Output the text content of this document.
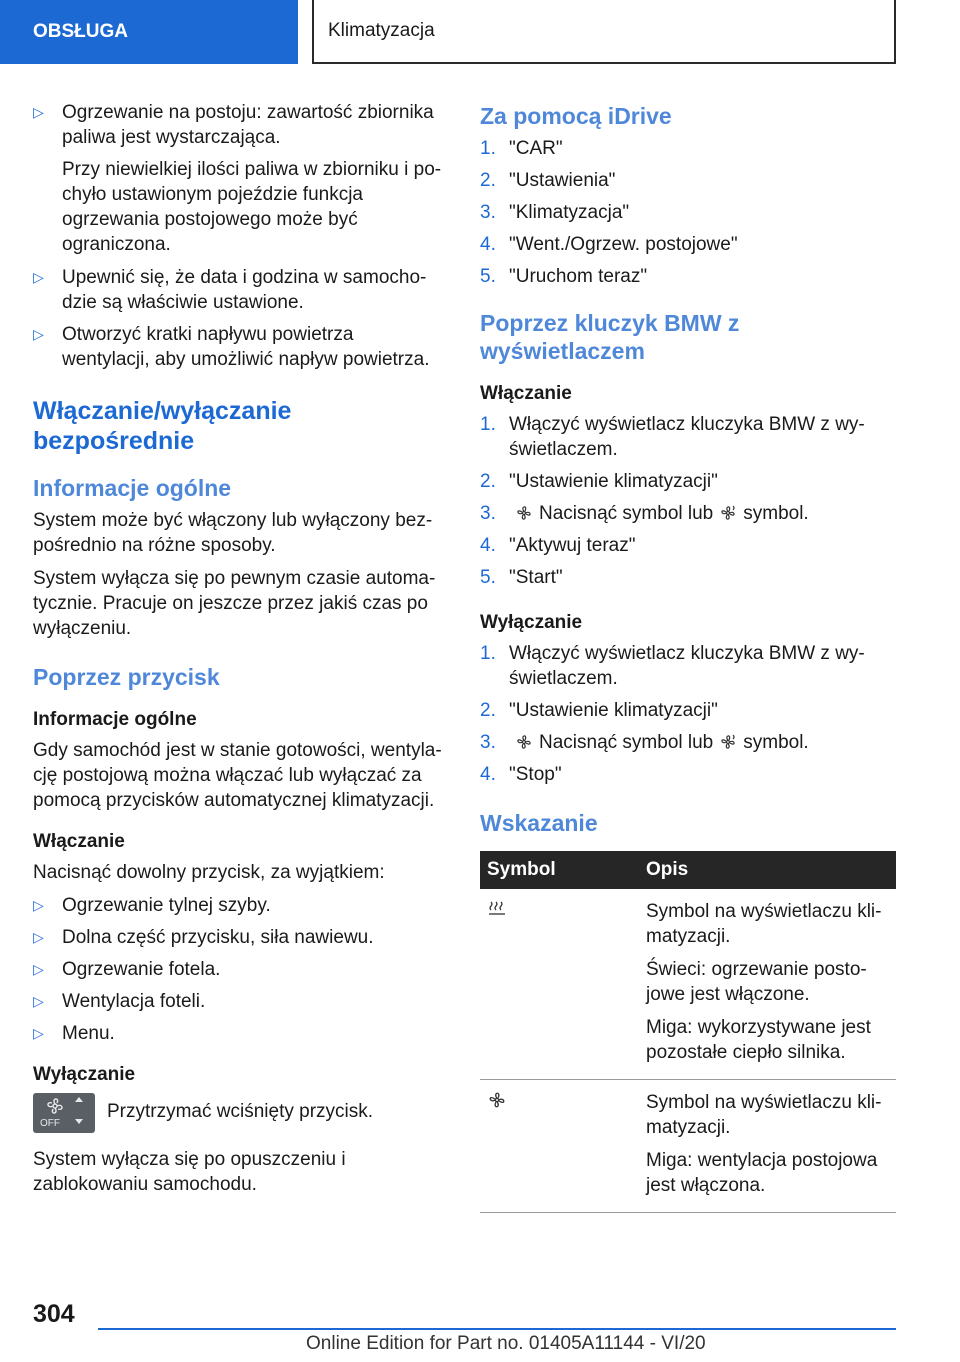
OBSŁUGA	Klimatyzacja
▷ Ogrzewanie na postoju: zawartość zbiornika paliwa jest wystarczająca.

Przy niewielkiej ilości paliwa w zbiorniku i pochyło ustawionym pojeździe funkcja ogrzewania postojowego może być ograniczona.

▷ Upewnić się, że data i godzina w samochodzie są właściwie ustawione.
▷ Otworzyć kratki napływu powietrza wentylacji, aby umożliwić napływ powietrza.
Włączanie/wyłączanie bezpośrednie
Informacje ogólne

System może być włączony lub wyłączony bezpośrednio na różne sposoby.

System wyłącza się po pewnym czasie automatycznie. Pracuje on jeszcze przez jakiś czas po wyłączeniu.

Poprzez przycisk
Informacje ogólne

Gdy samochód jest w stanie gotowości, wentylację postojową można włączać lub wyłączać za pomocą przycisków automatycznej klimatyzacji.

Włączanie

Nacisnąć dowolny przycisk, za wyjątkiem:

▷ Ogrzewanie tylnej szyby.
▷ Dolna część przycisku, siła nawiewu.
▷ Ogrzewanie fotela.
▷ Wentylacja foteli.
▷ Menu.
Wyłączanie
OFF
Przytrzymać wciśnięty przycisk.

System wyłącza się po opuszczeniu i zablokowaniu samochodu.

Za pomocą iDrive
1. "CAR"
2. "Ustawienia"
3. "Klimatyzacja"
4. "Went./Ogrzew. postojowe"
5. "Uruchom teraz"
Poprzez kluczyk BMW z wyświetlaczem
Włączanie
1. Włączyć wyświetlacz kluczyka BMW z wyświetlaczem.
2. "Ustawienie klimatyzacji"
3. Nacisnąć symbol lub symbol.
4. "Aktywuj teraz"
5. "Start"
Wyłączanie
1. Włączyć wyświetlacz kluczyka BMW z wyświetlaczem.
2. "Ustawienie klimatyzacji"
3. Nacisnąć symbol lub symbol.
4. "Stop"
Wskazanie
Symbol	Opis

Symbol na wyświetlaczu klimatyzacji.

Świeci: ogrzewanie postojowe jest włączone.

Miga: wykorzystywane jest pozostałe ciepło silnika.

Symbol na wyświetlaczu klimatyzacji.

Miga: wentylacja postojowa jest włączona.

304
Online Edition for Part no. 01405A11144 - VI/20
